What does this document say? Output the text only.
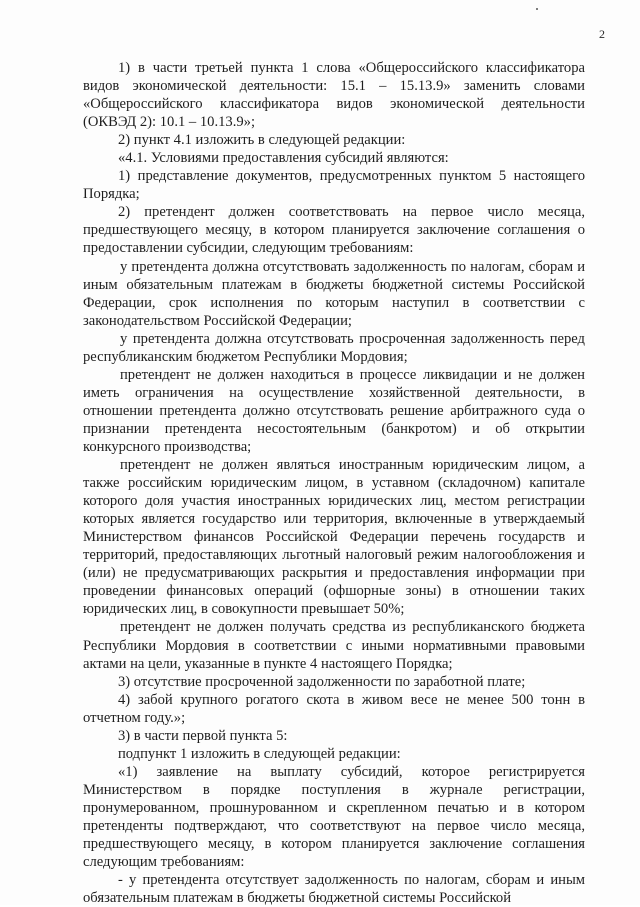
2

1) в части третьей пункта 1 слова «Общероссийского классификатора видов экономической деятельности: 15.1 – 15.13.9» заменить словами «Общероссийского классификатора видов экономической деятельности (ОКВЭД 2): 10.1 – 10.13.9»;

2) пункт 4.1 изложить в следующей редакции:

«4.1. Условиями предоставления субсидий являются:

1) представление документов, предусмотренных пунктом 5 настоящего Порядка;

2) претендент должен соответствовать на первое число месяца, предшествующего месяцу, в котором планируется заключение соглашения о предоставлении субсидии, следующим требованиям:

у претендента должна отсутствовать задолженность по налогам, сборам и иным обязательным платежам в бюджеты бюджетной системы Российской Федерации, срок исполнения по которым наступил в соответствии с законодательством Российской Федерации;

у претендента должна отсутствовать просроченная задолженность перед республиканским бюджетом Республики Мордовия;

претендент не должен находиться в процессе ликвидации и не должен иметь ограничения на осуществление хозяйственной деятельности, в отношении претендента должно отсутствовать решение арбитражного суда о признании претендента несостоятельным (банкротом) и об открытии конкурсного производства;

претендент не должен являться иностранным юридическим лицом, а также российским юридическим лицом, в уставном (складочном) капитале которого доля участия иностранных юридических лиц, местом регистрации которых является государство или территория, включенные в утверждаемый Министерством финансов Российской Федерации перечень государств и территорий, предоставляющих льготный налоговый режим налогообложения и (или) не предусматривающих раскрытия и предоставления информации при проведении финансовых операций (офшорные зоны) в отношении таких юридических лиц, в совокупности превышает 50%;

претендент не должен получать средства из республиканского бюджета Республики Мордовия в соответствии с иными нормативными правовыми актами на цели, указанные в пункте 4 настоящего Порядка;

3) отсутствие просроченной задолженности по заработной плате;

4) забой крупного рогатого скота в живом весе не менее 500 тонн в отчетном году.»;

3) в части первой пункта 5:

подпункт 1 изложить в следующей редакции:

«1) заявление на выплату субсидий, которое регистрируется Министерством в порядке поступления в журнале регистрации, пронумерованном, прошнурованном и скрепленном печатью и в котором претенденты подтверждают, что соответствуют на первое число месяца, предшествующего месяцу, в котором планируется заключение соглашения следующим требованиям:

- у претендента отсутствует задолженность по налогам, сборам и иным обязательным платежам в бюджеты бюджетной системы Российской
